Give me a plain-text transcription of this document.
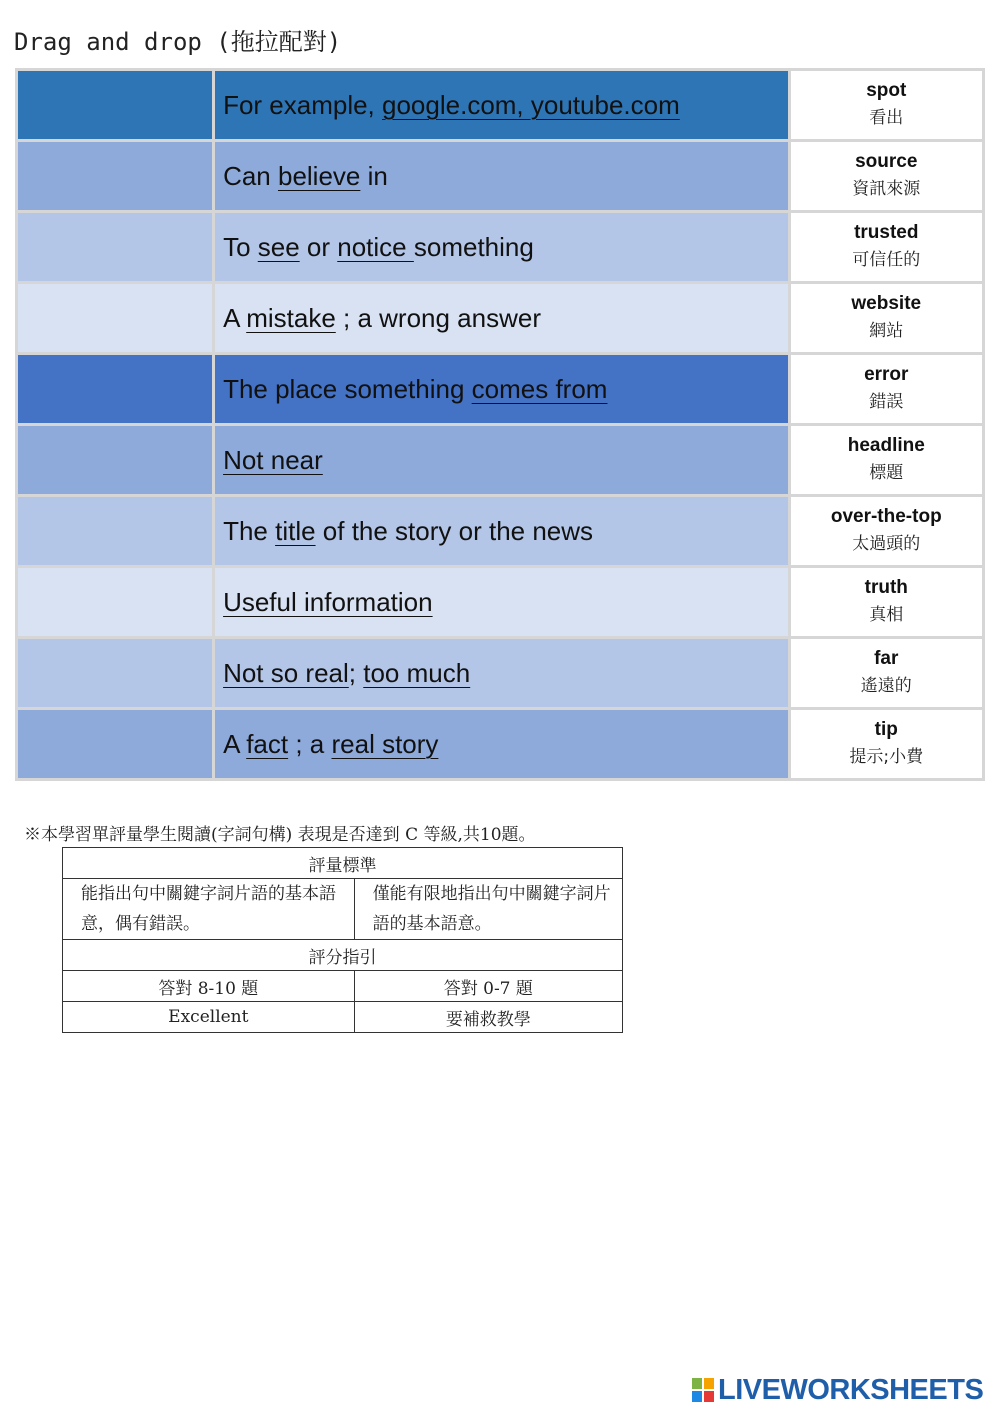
Drag and drop (拖拉配對)
	For example, google.com, youtube.com	spot
看出

	Can believe in	source
資訊來源

	To see or notice something	trusted
可信任的

	A mistake ; a wrong answer	website
網站

	The place something comes from	error
錯誤

	Not near	headline
標題

	The title of the story or the news	over-the-top
太過頭的

	Useful information	truth
真相

	Not so real; too much	far
遙遠的

	A fact ; a real story	tip
提示;小費
※本學習單評量學生閱讀(字詞句構) 表現是否達到 C 等級,共10題。
評量標準	
能指出句中關鍵字詞片語的基本語意，偶有錯誤。	僅能有限地指出句中關鍵字詞片語的基本語意。
評分指引	
答對 8-10 題	答對 0-7 題
Excellent	要補救教學
LIVEWORKSHEETS
